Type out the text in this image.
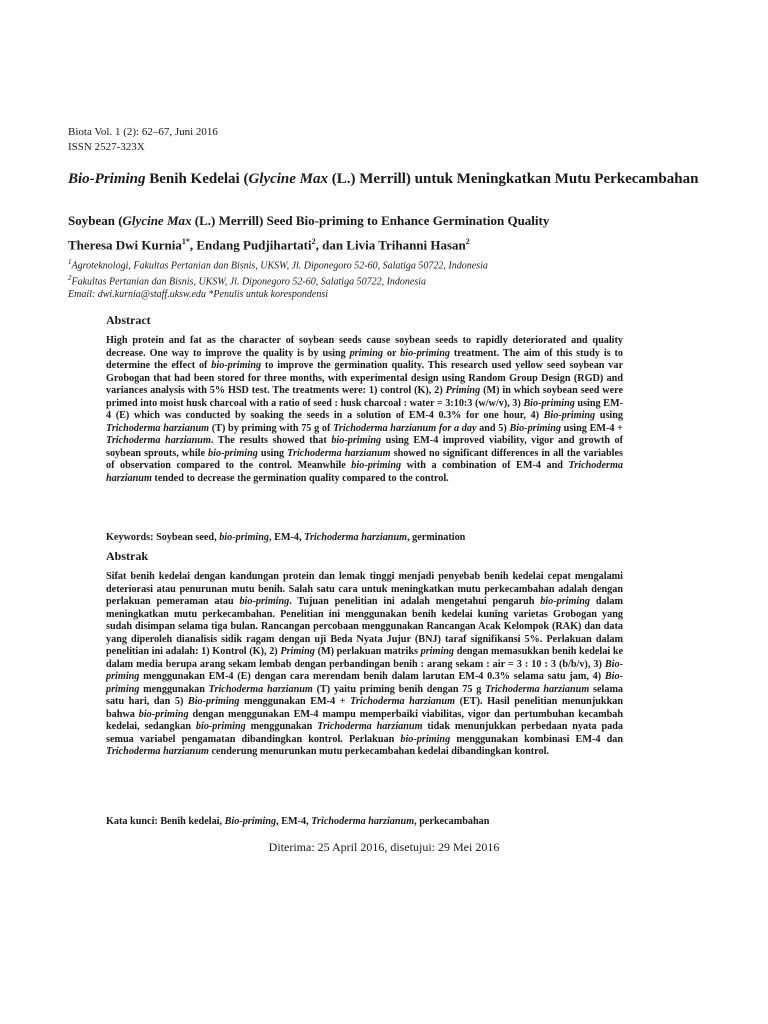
Biota Vol. 1 (2): 62–67, Juni 2016
ISSN 2527-323X
Bio-Priming Benih Kedelai (Glycine Max (L.) Merrill) untuk Meningkatkan Mutu Perkecambahan
Soybean (Glycine Max (L.) Merrill) Seed Bio-priming to Enhance Germination Quality
Theresa Dwi Kurnia$^{1*}$, Endang Pudjihartati$^2$, dan Livia Trihanni Hasan$^2$
$^1$Agroteknologi, Fakultas Pertanian dan Bisnis, UKSW, Jl. Diponegoro 52-60, Salatiga 50722, Indonesia
$^2$Fakultas Pertanian dan Bisnis, UKSW, Jl. Diponegoro 52-60, Salatiga 50722, Indonesia
Email: dwi.kurnia@staff.uksw.edu *Penulis untuk korespondensi
Abstract
High protein and fat as the character of soybean seeds cause soybean seeds to rapidly deteriorated and quality decrease. One way to improve the quality is by using priming or bio-priming treatment. The aim of this study is to determine the effect of bio-priming to improve the germination quality. This research used yellow seed soybean var Grobogan that had been stored for three months, with experimental design using Random Group Design (RGD) and variances analysis with 5% HSD test. The treatments were: 1) control (K), 2) Priming (M) in which soybean seed were primed into moist husk charcoal with a ratio of seed : husk charcoal : water = 3:10:3 (w/w/v), 3) Bio-priming using EM-4 (E) which was conducted by soaking the seeds in a solution of EM-4 0.3% for one hour, 4) Bio-priming using Trichoderma harzianum (T) by priming with 75 g of Trichoderma harzianum for a day and 5) Bio-priming using EM-4 + Trichoderma harzianum. The results showed that bio-priming using EM-4 improved viability, vigor and growth of soybean sprouts, while bio-priming using Trichoderma harzianum showed no significant differences in all the variables of observation compared to the control. Meanwhile bio-priming with a combination of EM-4 and Trichoderma harzianum tended to decrease the germination quality compared to the control.
Keywords: Soybean seed, bio-priming, EM-4, Trichoderma harzianum, germination
Abstrak
Sifat benih kedelai dengan kandungan protein dan lemak tinggi menjadi penyebab benih kedelai cepat mengalami deteriorasi atau penurunan mutu benih. Salah satu cara untuk meningkatkan mutu perkecambahan adalah dengan perlakuan pemeraman atau bio-priming. Tujuan penelitian ini adalah mengetahui pengaruh bio-priming dalam meningkatkan mutu perkecambahan. Penelitian ini menggunakan benih kedelai kuning varietas Grobogan yang sudah disimpan selama tiga bulan. Rancangan percobaan menggunakan Rancangan Acak Kelompok (RAK) dan data yang diperoleh dianalisis sidik ragam dengan uji Beda Nyata Jujur (BNJ) taraf signifikansi 5%. Perlakuan dalam penelitian ini adalah: 1) Kontrol (K), 2) Priming (M) perlakuan matriks priming dengan memasukkan benih kedelai ke dalam media berupa arang sekam lembab dengan perbandingan benih : arang sekam : air = 3 : 10 : 3 (b/b/v), 3) Bio-priming menggunakan EM-4 (E) dengan cara merendam benih dalam larutan EM-4 0.3% selama satu jam, 4) Bio-priming menggunakan Trichoderma harzianum (T) yaitu priming benih dengan 75 g Trichoderma harzianum selama satu hari, dan 5) Bio-priming menggunakan EM-4 + Trichoderma harzianum (ET). Hasil penelitian menunjukkan bahwa bio-priming dengan menggunakan EM-4 mampu memperbaiki viabilitas, vigor dan pertumbuhan kecambah kedelai, sedangkan bio-priming menggunakan Trichoderma harzianum tidak menunjukkan perbedaan nyata pada semua variabel pengamatan dibandingkan kontrol. Perlakuan bio-priming menggunakan kombinasi EM-4 dan Trichoderma harzianum cenderung menurunkan mutu perkecambahan kedelai dibandingkan kontrol.
Kata kunci: Benih kedelai, Bio-priming, EM-4, Trichoderma harzianum, perkecambahan
Diterima: 25 April 2016, disetujui: 29 Mei 2016
